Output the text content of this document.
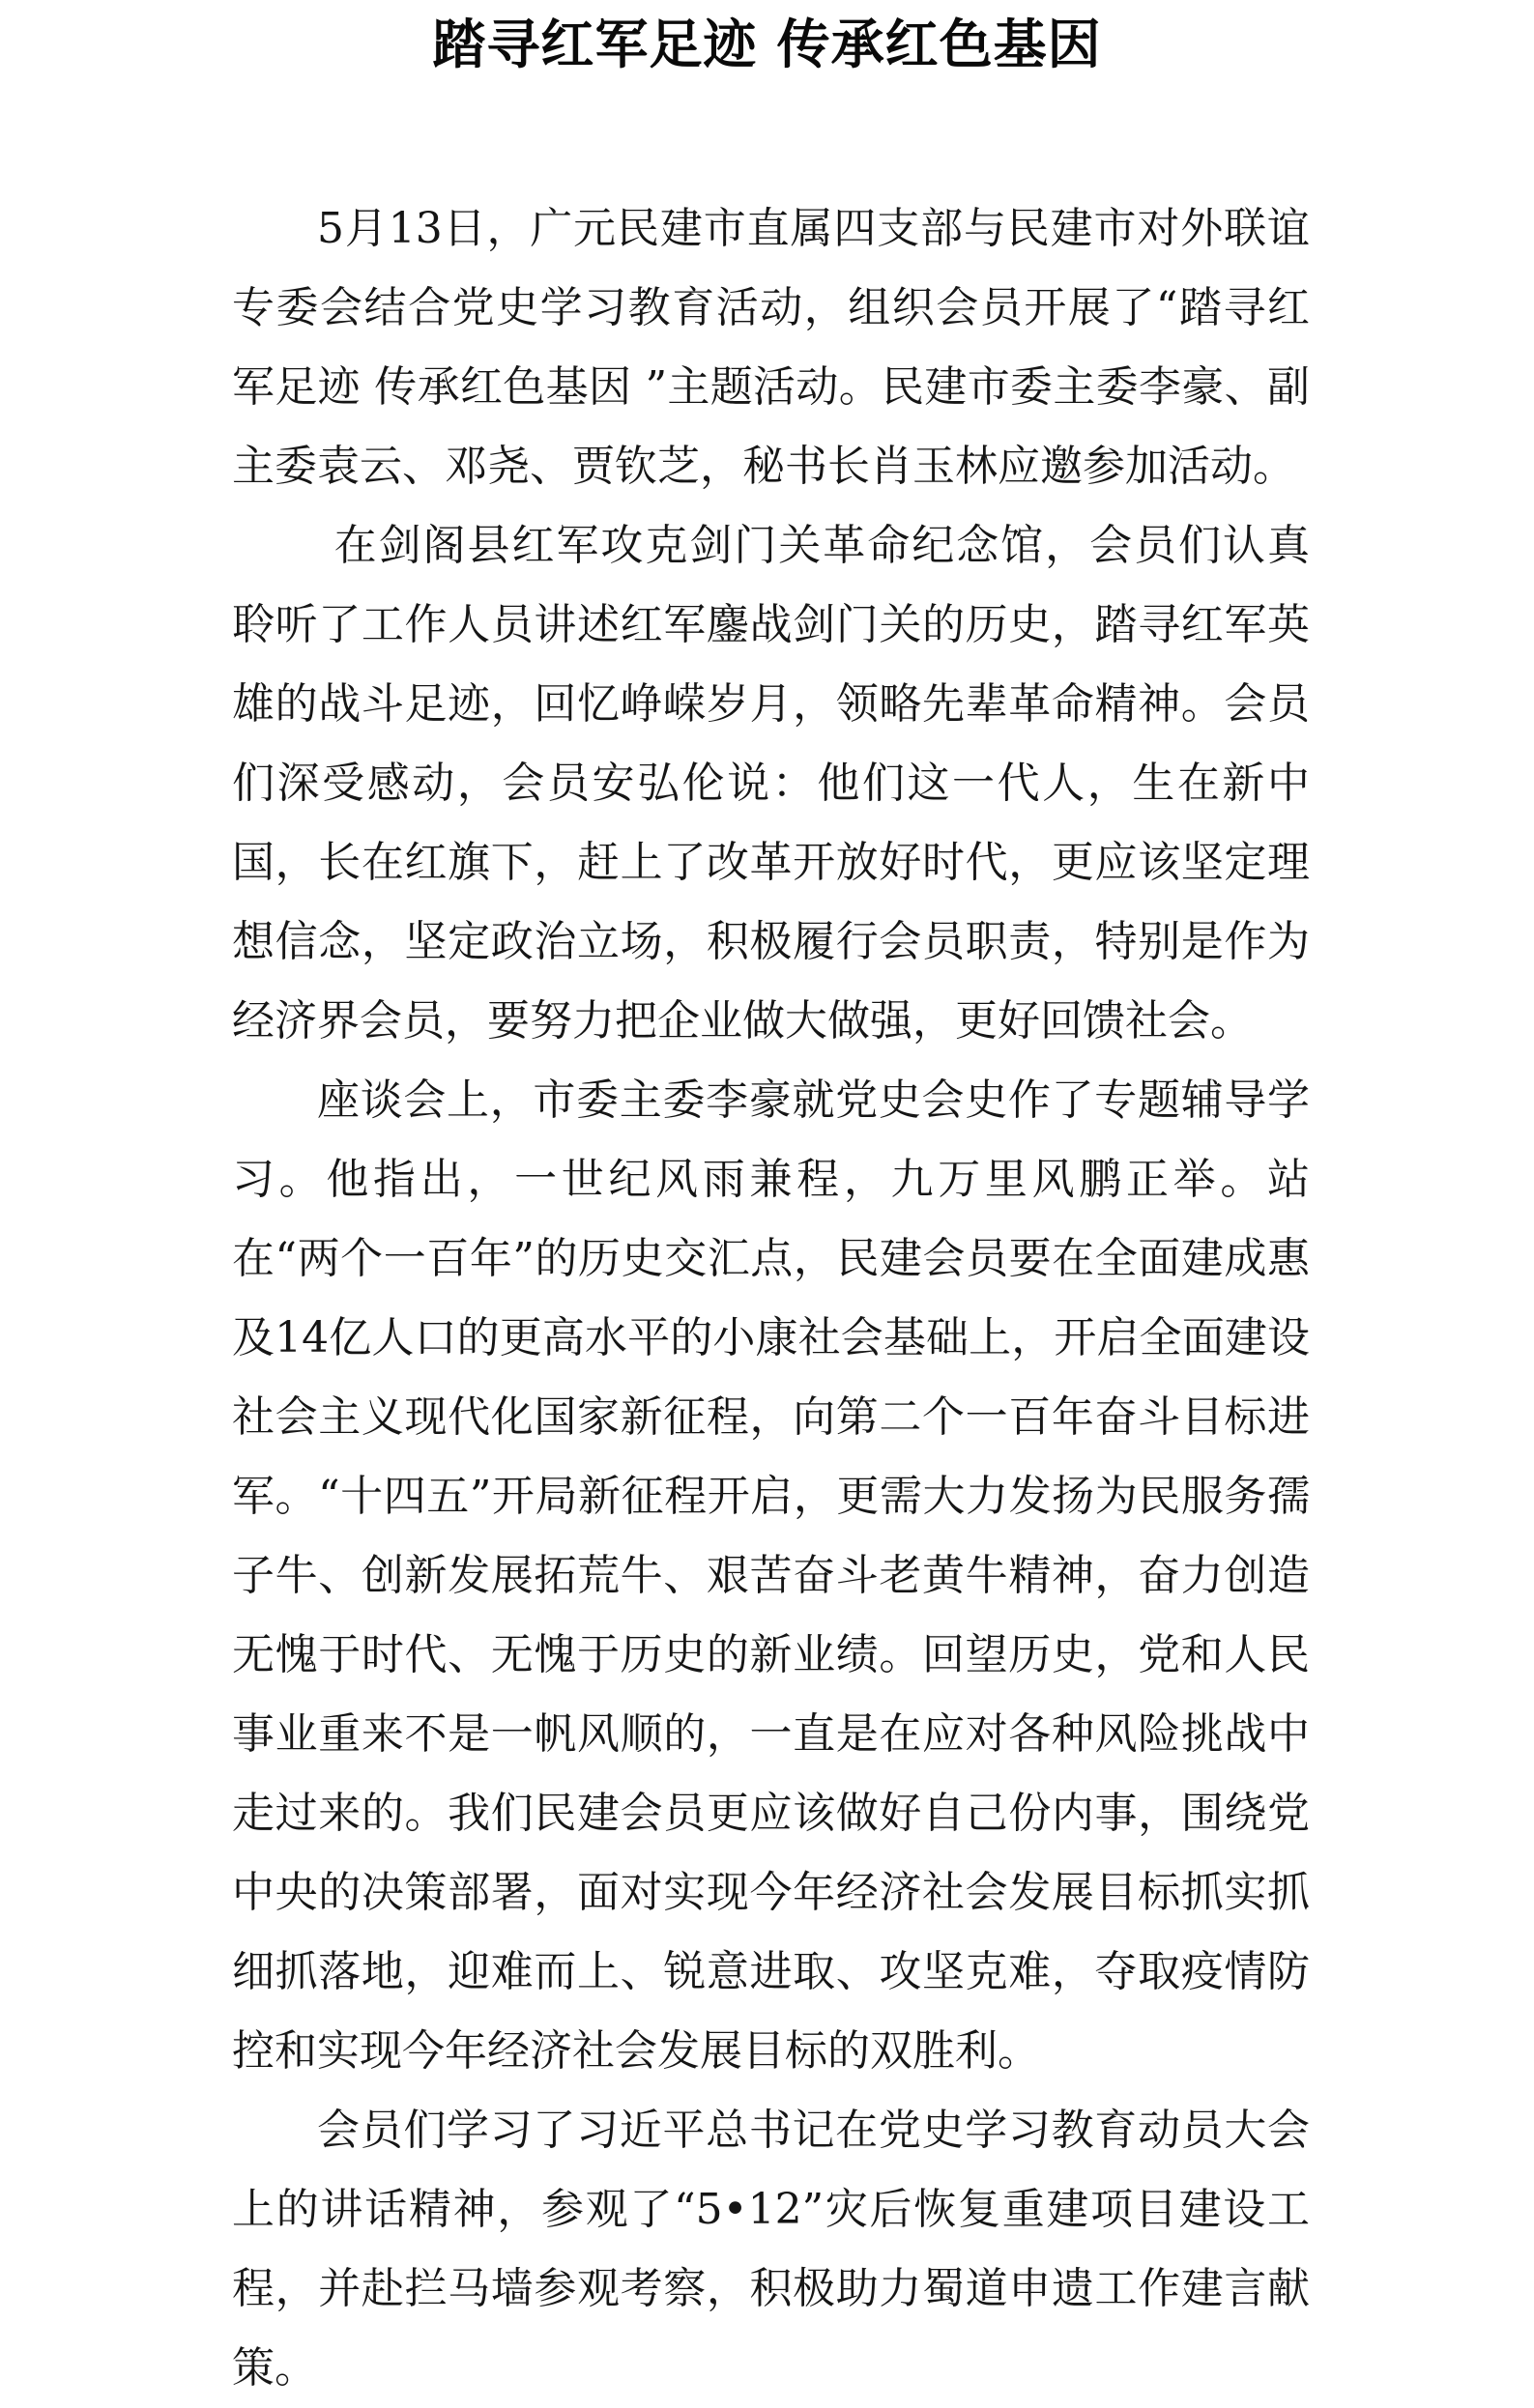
踏寻红军足迹 传承红色基因

5月13日，广元民建市直属四支部与民建市对外联谊专委会结合党史学习教育活动，组织会员开展了“踏寻红军足迹 传承红色基因 ”主题活动。民建市委主委李豪、副主委袁云、邓尧、贾钦芝，秘书长肖玉林应邀参加活动。

在剑阁县红军攻克剑门关革命纪念馆，会员们认真聆听了工作人员讲述红军鏖战剑门关的历史，踏寻红军英雄的战斗足迹，回忆峥嵘岁月，领略先辈革命精神。会员们深受感动，会员安弘伦说：他们这一代人，生在新中国，长在红旗下，赶上了改革开放好时代，更应该坚定理想信念，坚定政治立场，积极履行会员职责，特别是作为经济界会员，要努力把企业做大做强，更好回馈社会。

座谈会上，市委主委李豪就党史会史作了专题辅导学习。他指出，一世纪风雨兼程，九万里风鹏正举。站在“两个一百年”的历史交汇点，民建会员要在全面建成惠及14亿人口的更高水平的小康社会基础上，开启全面建设社会主义现代化国家新征程，向第二个一百年奋斗目标进军。“十四五”开局新征程开启，更需大力发扬为民服务孺子牛、创新发展拓荒牛、艰苦奋斗老黄牛精神，奋力创造无愧于时代、无愧于历史的新业绩。回望历史，党和人民事业重来不是一帆风顺的，一直是在应对各种风险挑战中走过来的。我们民建会员更应该做好自己份内事，围绕党中央的决策部署，面对实现今年经济社会发展目标抓实抓细抓落地，迎难而上、锐意进取、攻坚克难，夺取疫情防控和实现今年经济社会发展目标的双胜利。

会员们学习了习近平总书记在党史学习教育动员大会上的讲话精神，参观了“5•12”灾后恢复重建项目建设工程，并赴拦马墙参观考察，积极助力蜀道申遗工作建言献策。
